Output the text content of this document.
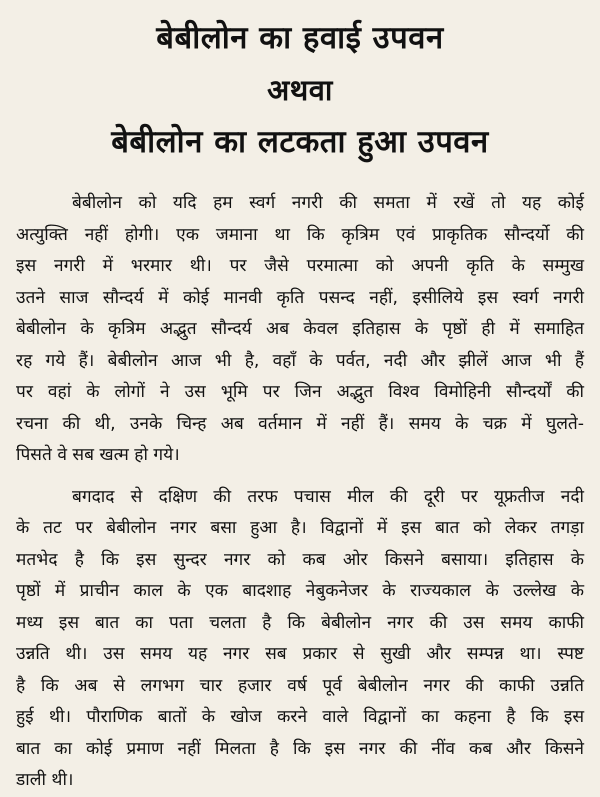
बेबीलोन का हवाई उपवन
अथवा
बेबीलोन का लटकता हुआ उपवन
बेबीलोन को यदि हम स्वर्ग नगरी की समता में रखें तो यह कोई
अत्युक्ति नहीं होगी। एक जमाना था कि कृत्रिम एवं प्राकृतिक सौन्दर्यो की
इस नगरी में भरमार थी। पर जैसे परमात्मा को अपनी कृति के सम्मुख
उतने साज सौन्दर्य में कोई मानवी कृति पसन्द नहीं, इसीलिये इस स्वर्ग नगरी
बेबीलोन के कृत्रिम अद्भुत सौन्दर्य अब केवल इतिहास के पृष्ठों ही में समाहित
रह गये हैं। बेबीलोन आज भी है, वहाँ के पर्वत, नदी और झीलें आज भी हैं
पर वहां के लोगों ने उस भूमि पर जिन अद्भुत विश्व विमोहिनी सौन्दर्यों की
रचना की थी, उनके चिन्ह अब वर्तमान में नहीं हैं। समय के चक्र में घुलते-
पिसते वे सब खत्म हो गये।
बगदाद से दक्षिण की तरफ पचास मील की दूरी पर यूफ्रतीज नदी
के तट पर बेबीलोन नगर बसा हुआ है। विद्वानों में इस बात को लेकर तगड़ा
मतभेद है कि इस सुन्दर नगर को कब ओर किसने बसाया। इतिहास के
पृष्ठों में प्राचीन काल के एक बादशाह नेबुकनेजर के राज्यकाल के उल्लेख के
मध्य इस बात का पता चलता है कि बेबीलोन नगर की उस समय काफी
उन्नति थी। उस समय यह नगर सब प्रकार से सुखी और सम्पन्न था। स्पष्ट
है कि अब से लगभग चार हजार वर्ष पूर्व बेबीलोन नगर की काफी उन्नति
हुई थी। पौराणिक बातों के खोज करने वाले विद्वानों का कहना है कि इस
बात का कोई प्रमाण नहीं मिलता है कि इस नगर की नींव कब और किसने
डाली थी।
